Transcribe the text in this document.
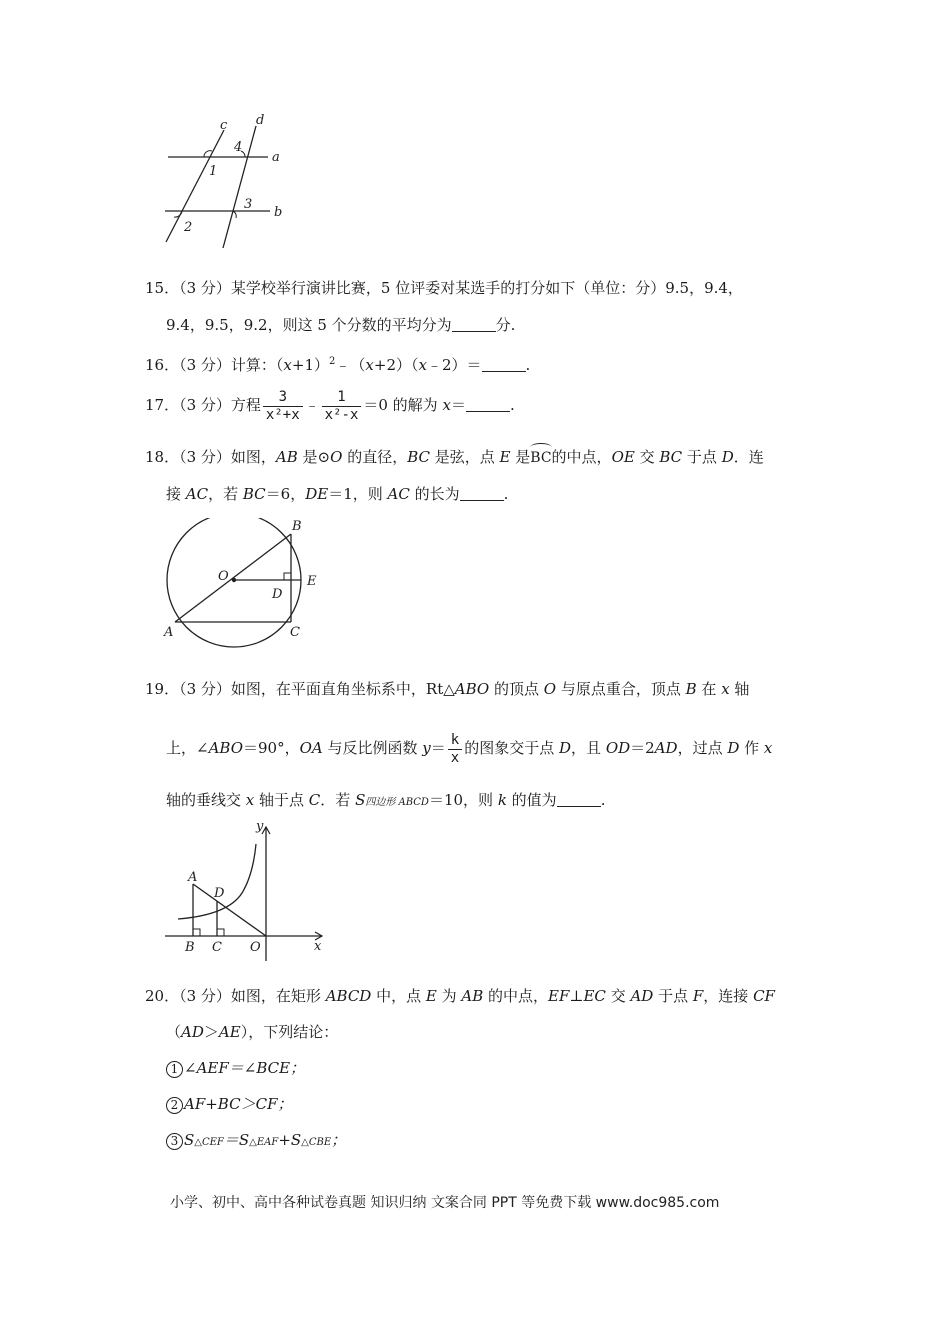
c d
a
b
1
2
3
4
15．（3 分）某学校举行演讲比赛，5 位评委对某选手的打分如下（单位：分）9.5，9.4，
9.4，9.5，9.2，则这 5 个分数的平均分为	分.
16．（3 分）计算：$(x+1)^2﹣(x+2)(x﹣2)=$	.
17．（3 分）方程 $\frac{3}{\text{x²+x}}$ ﹣ $\frac{1}{\text{x²-x}} =0$ 的解为 x＝	.
18．（3 分）如图，AB 是⊙O 的直径，BC 是弦，点 E 是BC的中点，OE 交 BC 于点 D．连
接 AC，若 BC＝6，DE＝1，则 AC 的长为	.
A
B
C
D
E
O
19．（3 分）如图，在平面直角坐标系中，Rt△ABO 的顶点 O 与原点重合，顶点 B 在 x 轴
上，∠ABO＝90°，OA 与反比例函数 $y= \frac{k}{x}$ 的图象交于点 D，且 OD＝2AD，过点 D 作 x
轴的垂线交 x 轴于点 C．若 S四边形 ABCD＝10，则 k 的值为	.
y
x
A
D
B C O
20．（3 分）如图，在矩形 ABCD 中，点 E 为 AB 的中点，EF⊥EC 交 AD 于点 F，连接 CF
（AD＞AE），下列结论：
1 ∠AEF＝∠BCE；
2 AF+BC＞CF；
3 S△CEF＝S△EAF+S△CBE；
小学、初中、高中各种试卷真题 知识归纳 文案合同 PPT 等免费下载 www.doc985.com
